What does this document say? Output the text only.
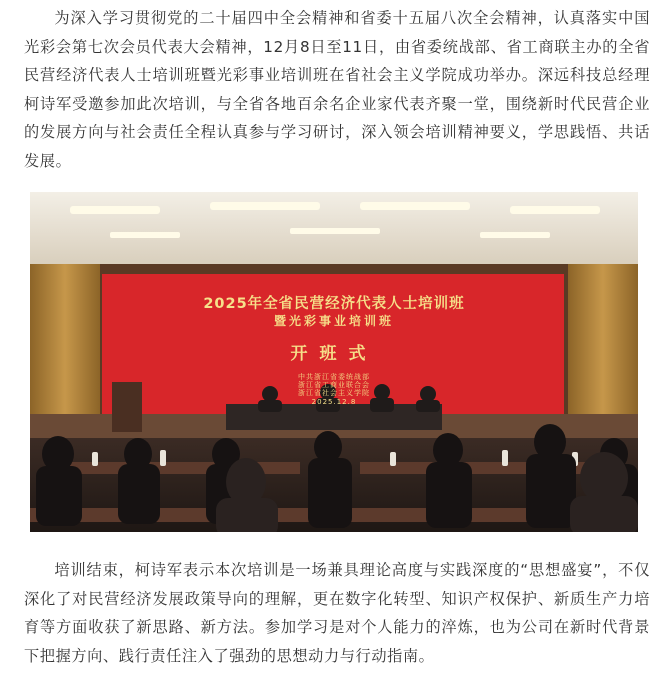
为深入学习贯彻党的二十届四中全会精神和省委十五届八次全会精神，认真落实中国光彩会第七次会员代表大会精神，12月8日至11日，由省委统战部、省工商联主办的全省民营经济代表人士培训班暨光彩事业培训班在省社会主义学院成功举办。深远科技总经理柯诗军受邀参加此次培训，与全省各地百余名企业家代表齐聚一堂，围绕新时代民营企业的发展方向与社会责任全程认真参与学习研讨，深入领会培训精神要义，学思践悟、共话发展。

2025年全省民营经济代表人士培训班
暨光彩事业培训班
开班式
中共浙江省委统战部
浙江省工商业联合会
浙江省社会主义学院
2025.12.8

培训结束，柯诗军表示本次培训是一场兼具理论高度与实践深度的“思想盛宴”，不仅深化了对民营经济发展政策导向的理解，更在数字化转型、知识产权保护、新质生产力培育等方面收获了新思路、新方法。参加学习是对个人能力的淬炼，也为公司在新时代背景下把握方向、践行责任注入了强劲的思想动力与行动指南。
